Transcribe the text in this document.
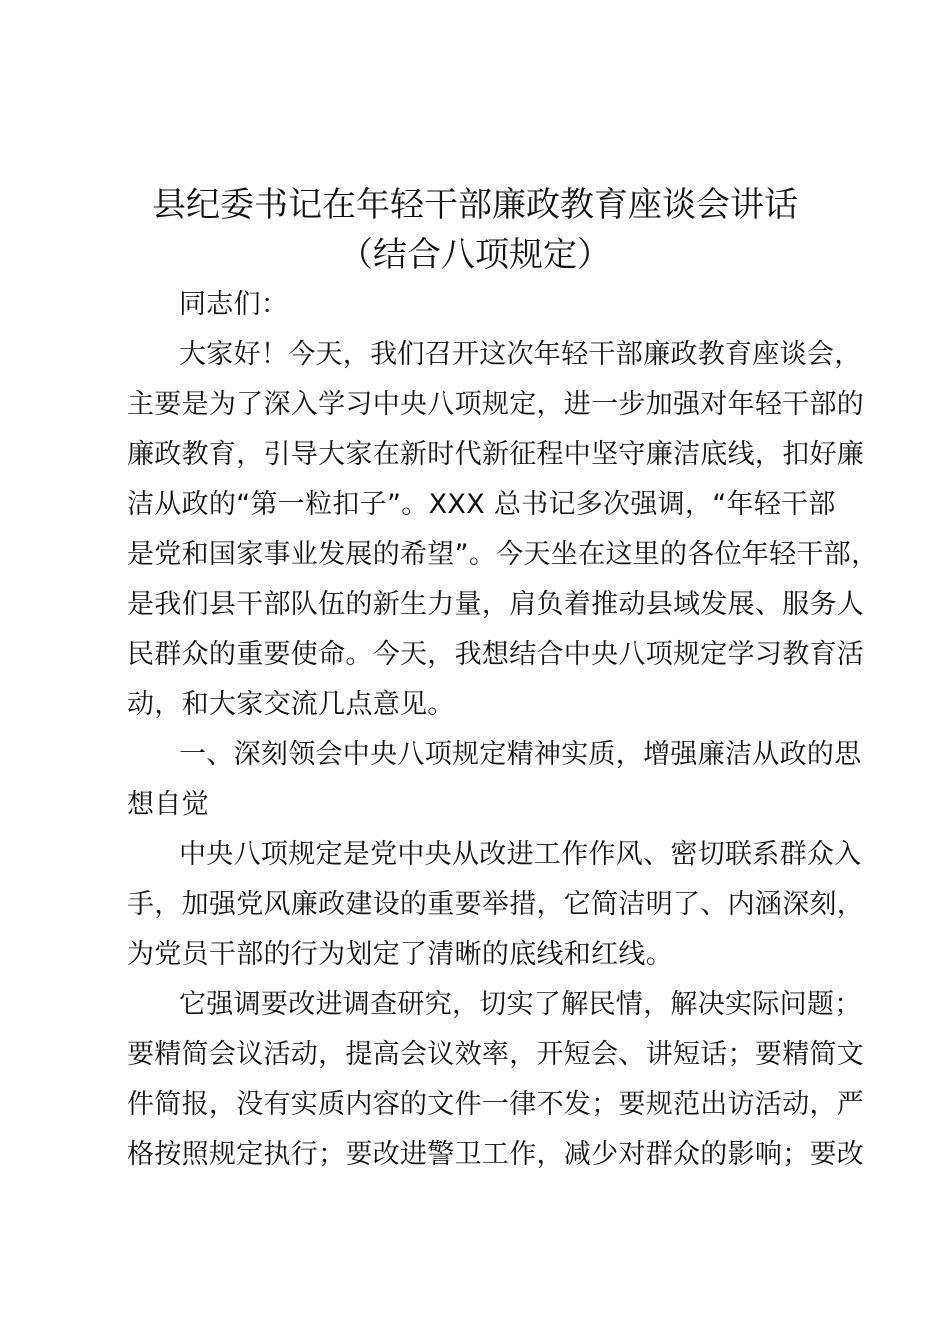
县纪委书记在年轻干部廉政教育座谈会讲话
（结合八项规定）
同志们：
大家好！今天，我们召开这次年轻干部廉政教育座谈会，
主要是为了深入学习中央八项规定，进一步加强对年轻干部的
廉政教育，引导大家在新时代新征程中坚守廉洁底线，扣好廉
洁从政的“第一粒扣子”。XXX 总书记多次强调，“年轻干部
是党和国家事业发展的希望”。今天坐在这里的各位年轻干部，
是我们县干部队伍的新生力量，肩负着推动县域发展、服务人
民群众的重要使命。今天，我想结合中央八项规定学习教育活
动，和大家交流几点意见。
一、深刻领会中央八项规定精神实质，增强廉洁从政的思
想自觉
中央八项规定是党中央从改进工作作风、密切联系群众入
手，加强党风廉政建设的重要举措，它简洁明了、内涵深刻，
为党员干部的行为划定了清晰的底线和红线。
它强调要改进调查研究，切实了解民情，解决实际问题；
要精简会议活动，提高会议效率，开短会、讲短话；要精简文
件简报，没有实质内容的文件一律不发；要规范出访活动，严
格按照规定执行；要改进警卫工作，减少对群众的影响；要改
